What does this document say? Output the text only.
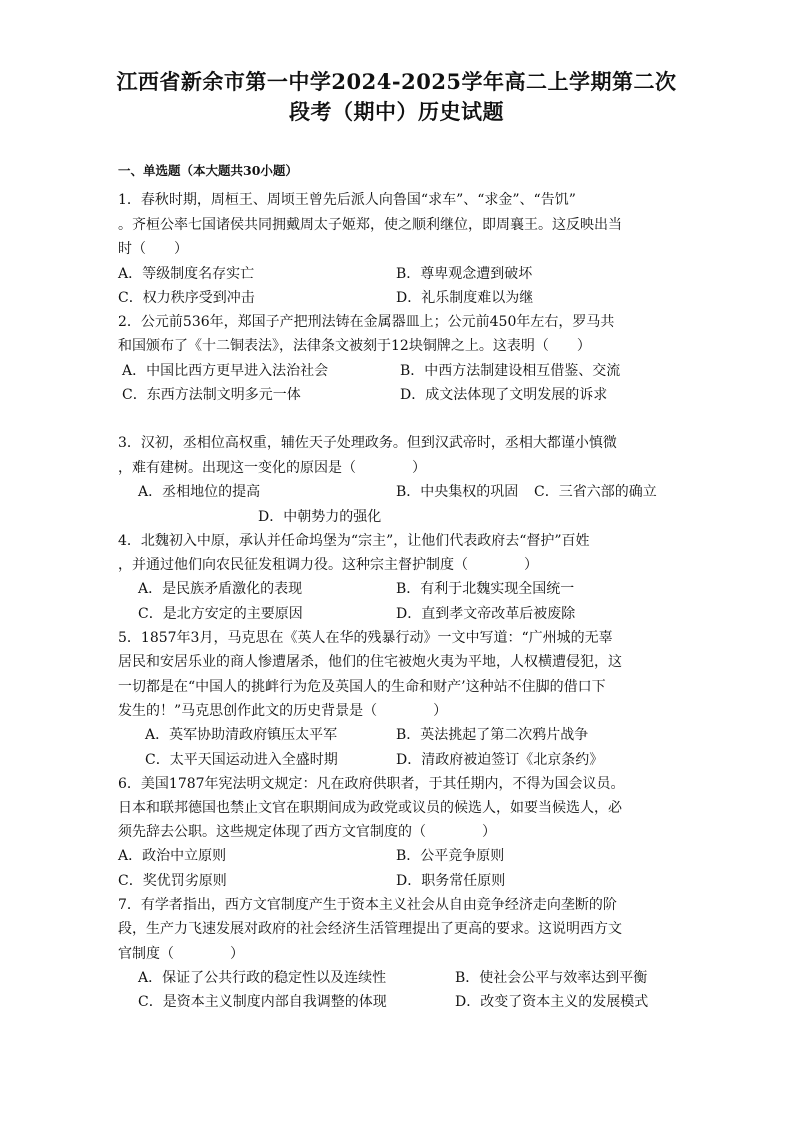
江西省新余市第一中学2024-2025学年高二上学期第二次
段考（期中）历史试题
一、单选题（本大题共30小题）
1．春秋时期，周桓王、周顷王曾先后派人向鲁国“求车”、“求金”、“告饥”
。齐桓公率七国诸侯共同拥戴周太子姬郑，使之顺利继位，即周襄王。这反映出当
时（　　）
A．等级制度名存实亡	B．尊卑观念遭到破坏
C．权力秩序受到冲击	D．礼乐制度难以为继
2．公元前536年，郑国子产把刑法铸在金属器皿上；公元前450年左右，罗马共
和国颁布了《十二铜表法》，法律条文被刻于12块铜牌之上。这表明（　　）
A．中国比西方更早进入法治社会	B．中西方法制建设相互借鉴、交流
C．东西方法制文明多元一体	D．成文法体现了文明发展的诉求
3．汉初，丞相位高权重，辅佐天子处理政务。但到汉武帝时，丞相大都谨小慎微
，难有建树。出现这一变化的原因是（　　　　）
A．丞相地位的提高	B．中央集权的巩固 C．三省六部的确立
D．中朝势力的强化
4．北魏初入中原，承认并任命坞堡为“宗主”，让他们代表政府去“督护”百姓
，并通过他们向农民征发租调力役。这种宗主督护制度（　　　　）
A．是民族矛盾激化的表现	B．有利于北魏实现全国统一
C．是北方安定的主要原因	D．直到孝文帝改革后被废除
5．1857年3月，马克思在《英人在华的残暴行动》一文中写道：“广州城的无辜
居民和安居乐业的商人惨遭屠杀，他们的住宅被炮火夷为平地，人权横遭侵犯，这
一切都是在“中国人的挑衅行为危及英国人的生命和财产’这种站不住脚的借口下
发生的！”马克思创作此文的历史背景是（　　　　）
A．英军协助清政府镇压太平军	B．英法挑起了第二次鸦片战争
C．太平天国运动进入全盛时期	D．清政府被迫签订《北京条约》
6．美国1787年宪法明文规定：凡在政府供职者，于其任期内，不得为国会议员。
日本和联邦德国也禁止文官在职期间成为政党或议员的候选人，如要当候选人，必
须先辞去公职。这些规定体现了西方文官制度的（　　　　）
A．政治中立原则	B．公平竞争原则
C．奖优罚劣原则	D．职务常任原则
7．有学者指出，西方文官制度产生于资本主义社会从自由竞争经济走向垄断的阶
段，生产力飞速发展对政府的社会经济生活管理提出了更高的要求。这说明西方文
官制度（　　　　）
A．保证了公共行政的稳定性以及连续性	B．使社会公平与效率达到平衡
C．是资本主义制度内部自我调整的体现	D．改变了资本主义的发展模式
